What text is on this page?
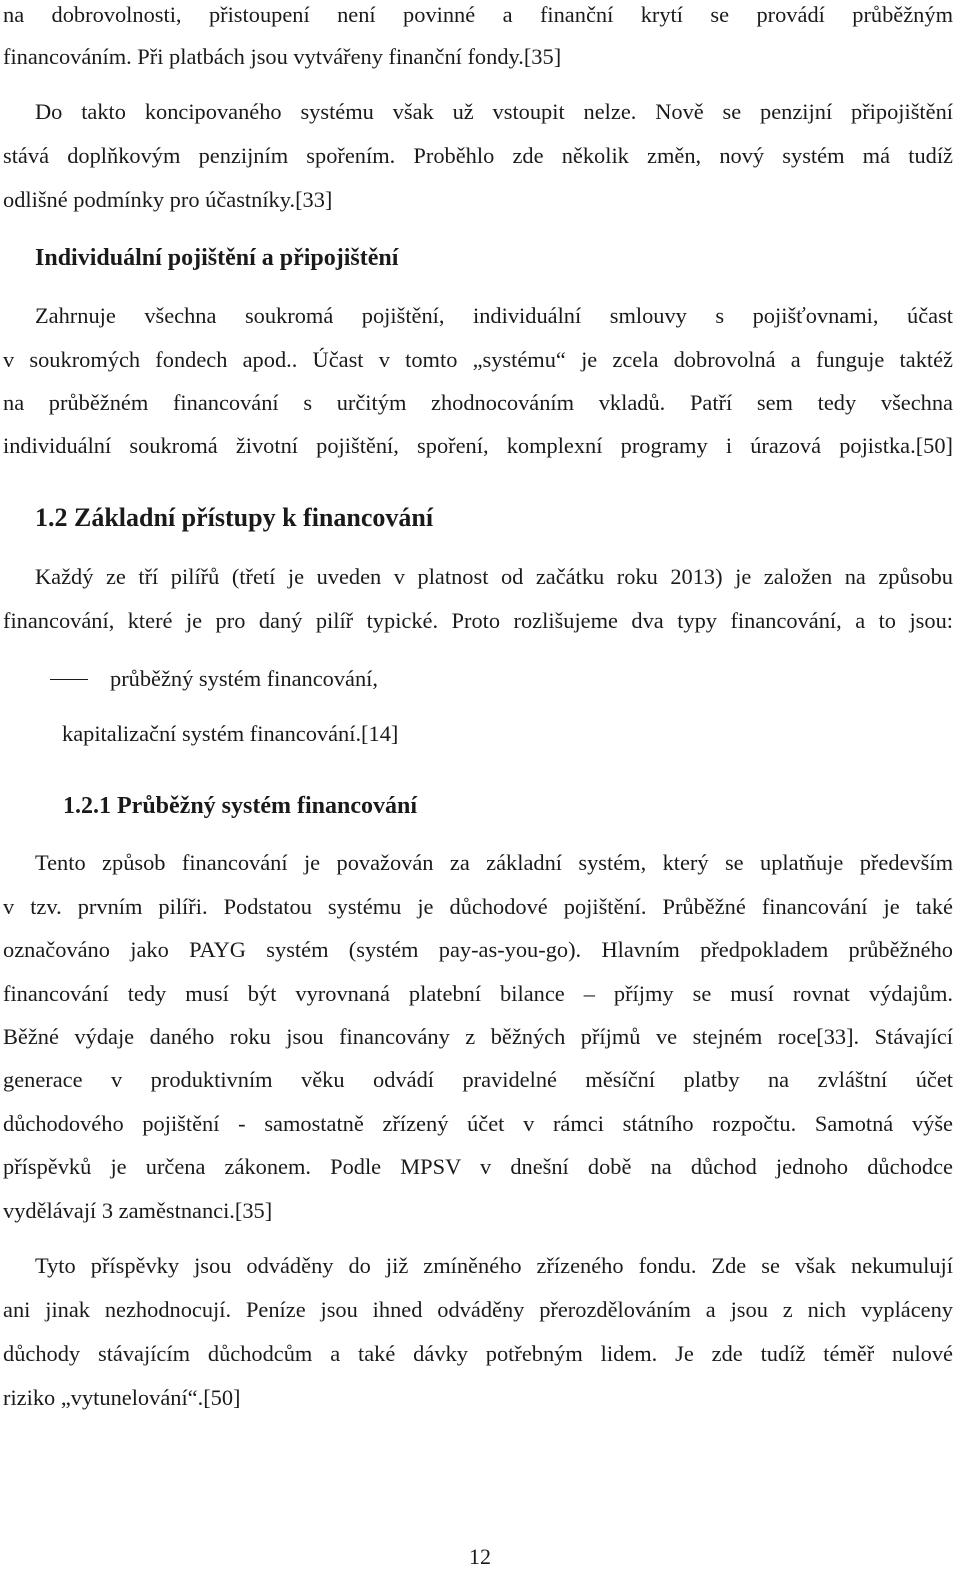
na dobrovolnosti, přistoupení není povinné a finanční krytí se provádí průběžným
financováním. Při platbách jsou vytvářeny finanční fondy.[35]
Do takto koncipovaného systému však už vstoupit nelze. Nově se penzijní připojištění
stává doplňkovým penzijním spořením. Proběhlo zde několik změn, nový systém má tudíž
odlišné podmínky pro účastníky.[33]
Individuální pojištění a připojištění
Zahrnuje všechna soukromá pojištění, individuální smlouvy s pojišťovnami, účast
v soukromých fondech apod.. Účast v tomto „systému“ je zcela dobrovolná a funguje taktéž
na průběžném financování s určitým zhodnocováním vkladů. Patří sem tedy všechna
individuální soukromá životní pojištění, spoření, komplexní programy i úrazová pojistka.[50]
1.2 Základní přístupy k financování
Každý ze tří pilířů (třetí je uveden v platnost od začátku roku 2013) je založen na způsobu
financování, které je pro daný pilíř typické. Proto rozlišujeme dva typy financování, a to jsou:
průběžný systém financování,
kapitalizační systém financování.[14]
1.2.1 Průběžný systém financování
Tento způsob financování je považován za základní systém, který se uplatňuje především
v tzv. prvním pilíři. Podstatou systému je důchodové pojištění. Průběžné financování je také
označováno jako PAYG systém (systém pay-as-you-go). Hlavním předpokladem průběžného
financování tedy musí být vyrovnaná platební bilance – příjmy se musí rovnat výdajům.
Běžné výdaje daného roku jsou financovány z běžných příjmů ve stejném roce[33]. Stávající
generace v produktivním věku odvádí pravidelné měsíční platby na zvláštní účet
důchodového pojištění - samostatně zřízený účet v rámci státního rozpočtu. Samotná výše
příspěvků je určena zákonem. Podle MPSV v dnešní době na důchod jednoho důchodce
vydělávají 3 zaměstnanci.[35]
Tyto příspěvky jsou odváděny do již zmíněného zřízeného fondu. Zde se však nekumulují
ani jinak nezhodnocují. Peníze jsou ihned odváděny přerozdělováním a jsou z nich vypláceny
důchody stávajícím důchodcům a také dávky potřebným lidem. Je zde tudíž téměř nulové
riziko „vytunelování“.[50]
12
